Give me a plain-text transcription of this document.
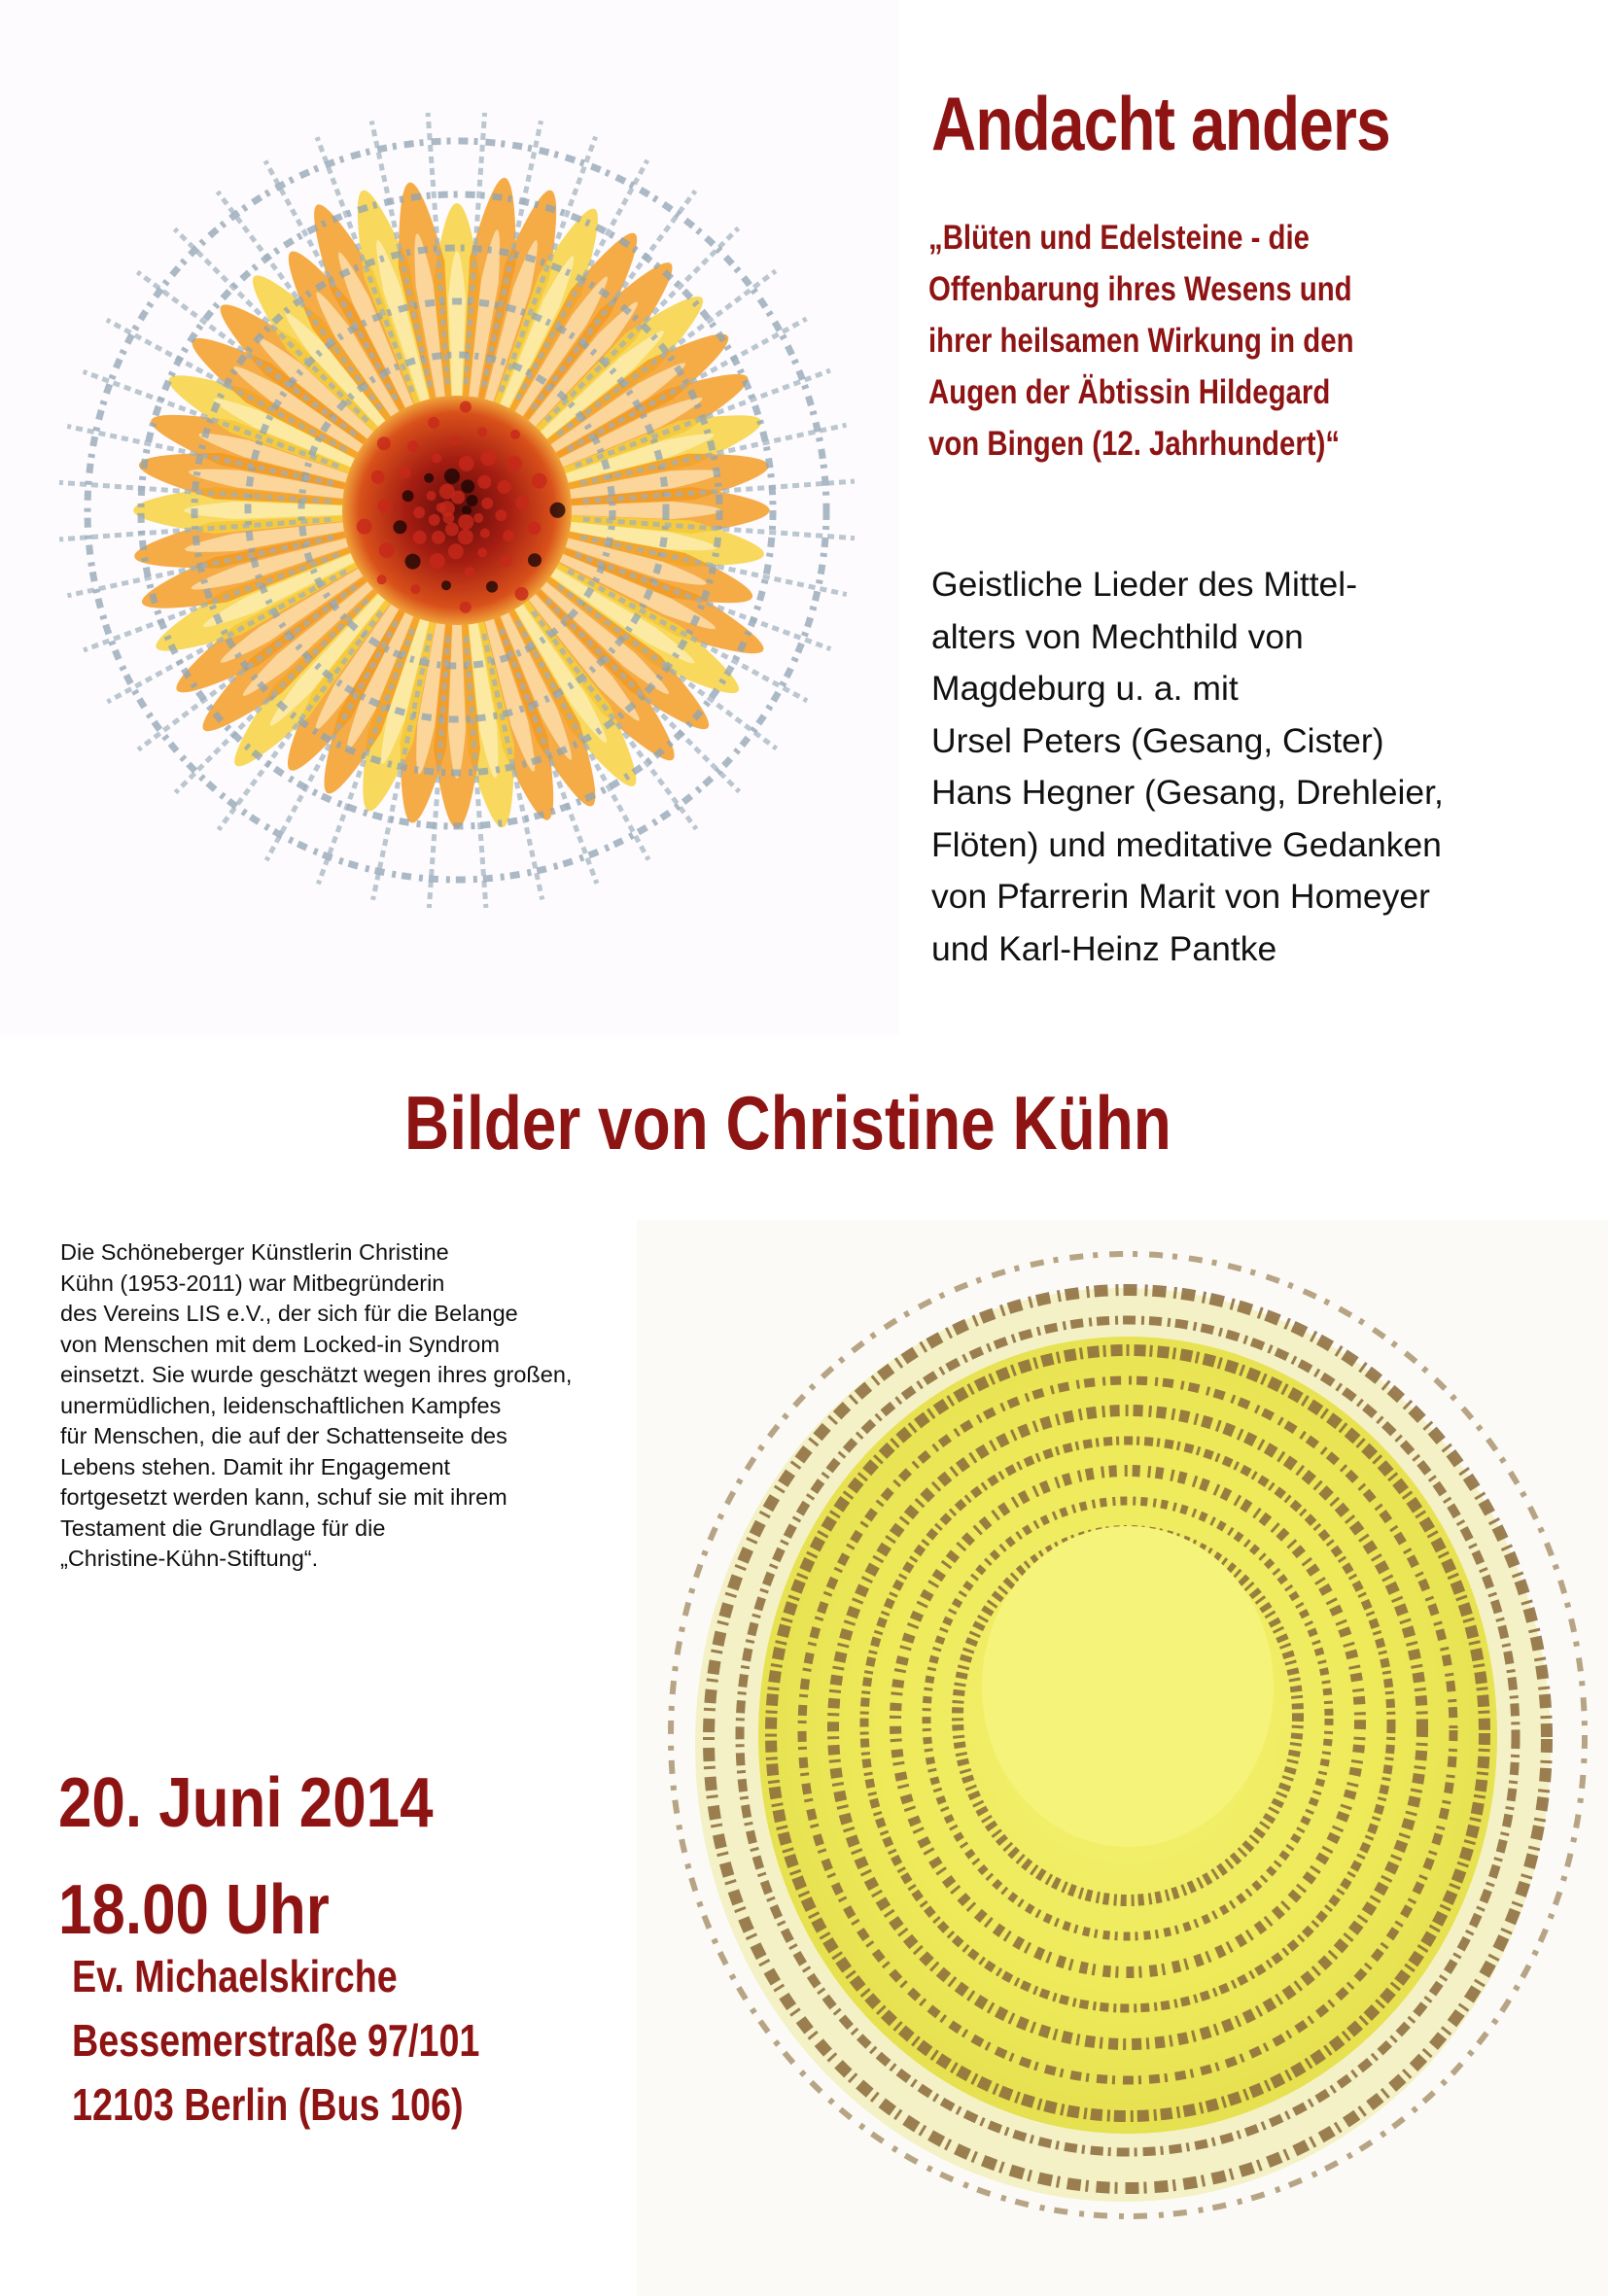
Andacht anders

„Blüten und Edelsteine - die
Offenbarung ihres Wesens und
ihrer heilsamen Wirkung in den
Augen der Äbtissin Hildegard
von Bingen (12. Jahrhundert)“

Geistliche Lieder des Mittel-
alters von Mechthild von
Magdeburg u. a. mit
Ursel Peters (Gesang, Cister)
Hans Hegner (Gesang, Drehleier,
Flöten) und meditative Gedanken
von Pfarrerin Marit von Homeyer
und Karl-Heinz Pantke

Bilder von Christine Kühn

Die Schöneberger Künstlerin Christine
Kühn (1953-2011) war Mitbegründerin
des Vereins LIS e.V., der sich für die Belange
von Menschen mit dem Locked-in Syndrom
einsetzt. Sie wurde geschätzt wegen ihres großen,
unermüdlichen, leidenschaftlichen Kampfes
für Menschen, die auf der Schattenseite des
Lebens stehen. Damit ihr Engagement
fortgesetzt werden kann, schuf sie mit ihrem
Testament die Grundlage für die
„Christine-Kühn-Stiftung“.

20. Juni 2014
18.00 Uhr

Ev. Michaelskirche
Bessemerstraße 97/101
12103 Berlin (Bus 106)
